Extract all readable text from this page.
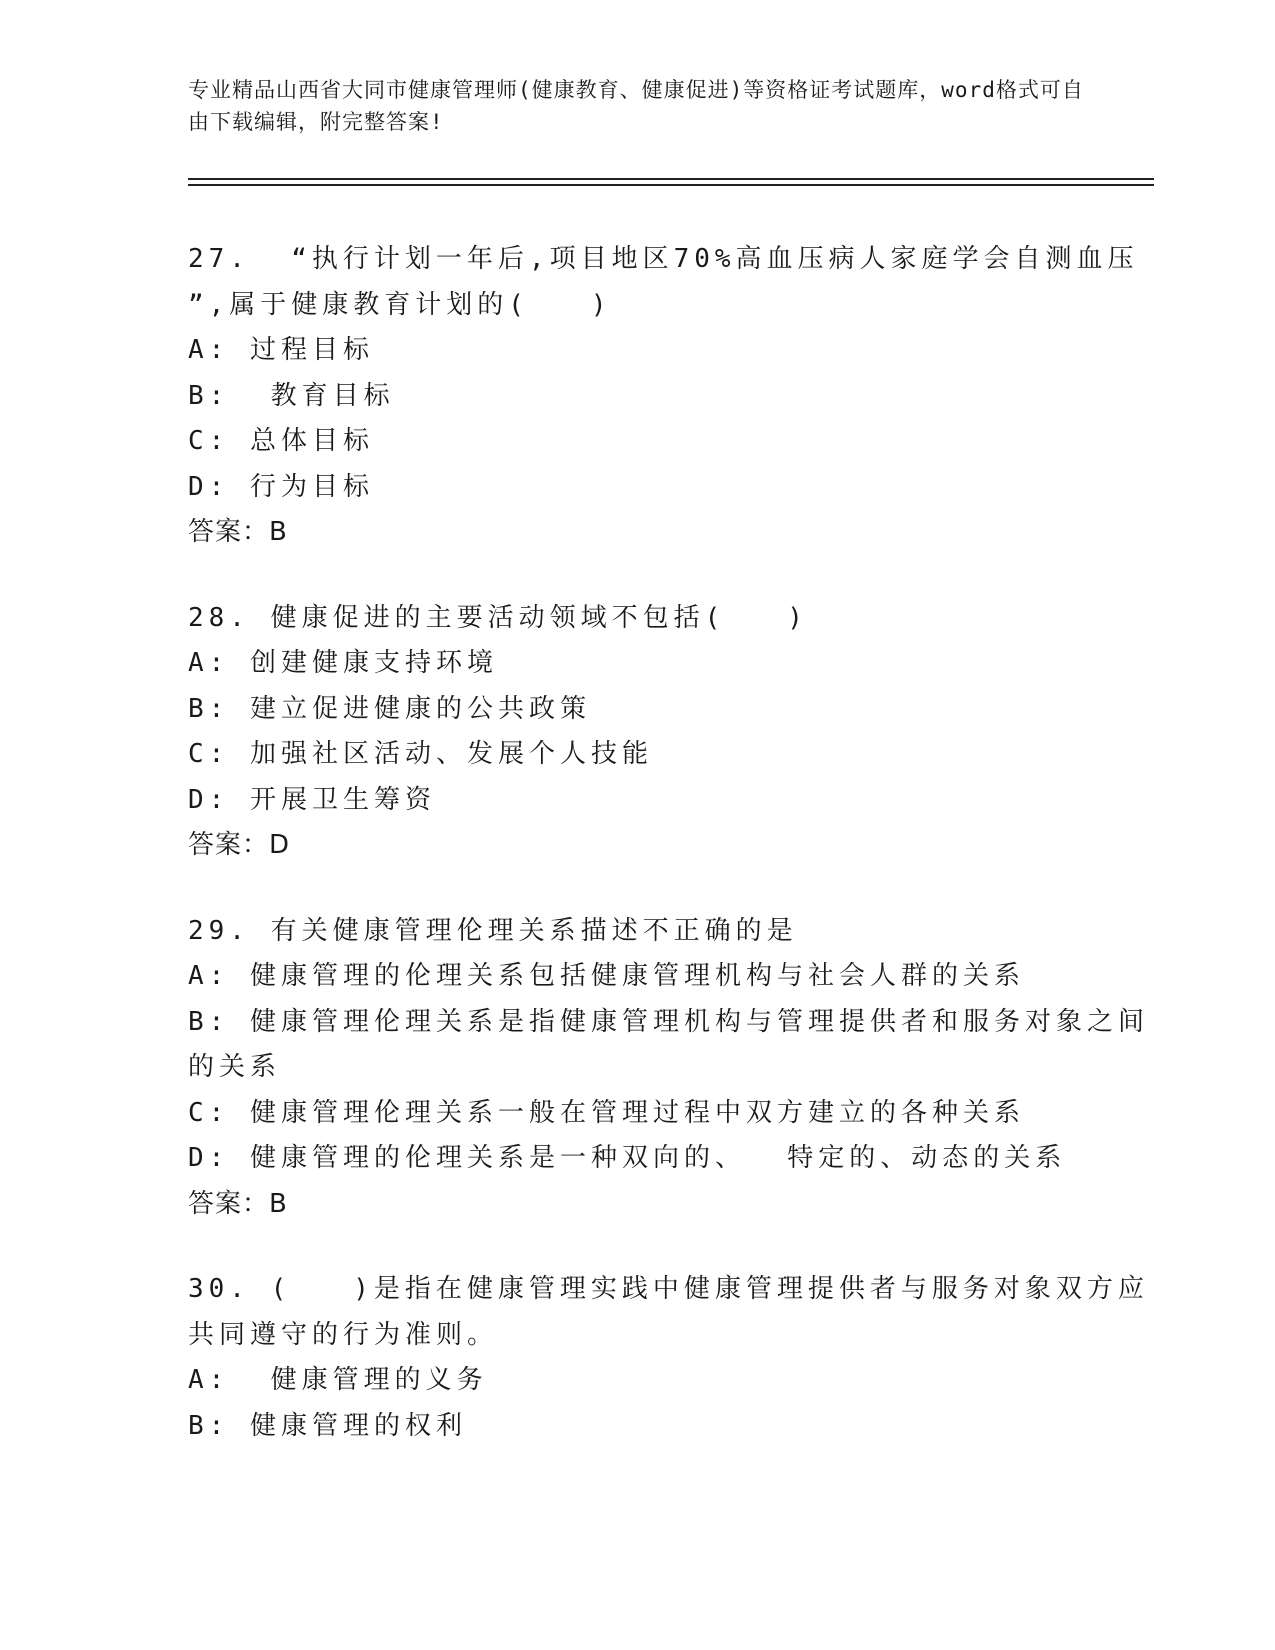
专业精品山西省大同市健康管理师(健康教育、健康促进)等资格证考试题库，word格式可自由下载编辑，附完整答案!
27.  “执行计划一年后,项目地区70%高血压病人家庭学会自测血压
”,属于健康教育计划的(   )
A: 过程目标
B:  教育目标
C: 总体目标
D: 行为目标
答案：B
28. 健康促进的主要活动领域不包括(   )
A: 创建健康支持环境
B: 建立促进健康的公共政策
C: 加强社区活动、发展个人技能
D: 开展卫生筹资
答案：D
29. 有关健康管理伦理关系描述不正确的是
A: 健康管理的伦理关系包括健康管理机构与社会人群的关系
B: 健康管理伦理关系是指健康管理机构与管理提供者和服务对象之间
的关系
C: 健康管理伦理关系一般在管理过程中双方建立的各种关系
D: 健康管理的伦理关系是一种双向的、  特定的、动态的关系
答案：B
30. (   )是指在健康管理实践中健康管理提供者与服务对象双方应
共同遵守的行为准则。
A:  健康管理的义务
B: 健康管理的权利
